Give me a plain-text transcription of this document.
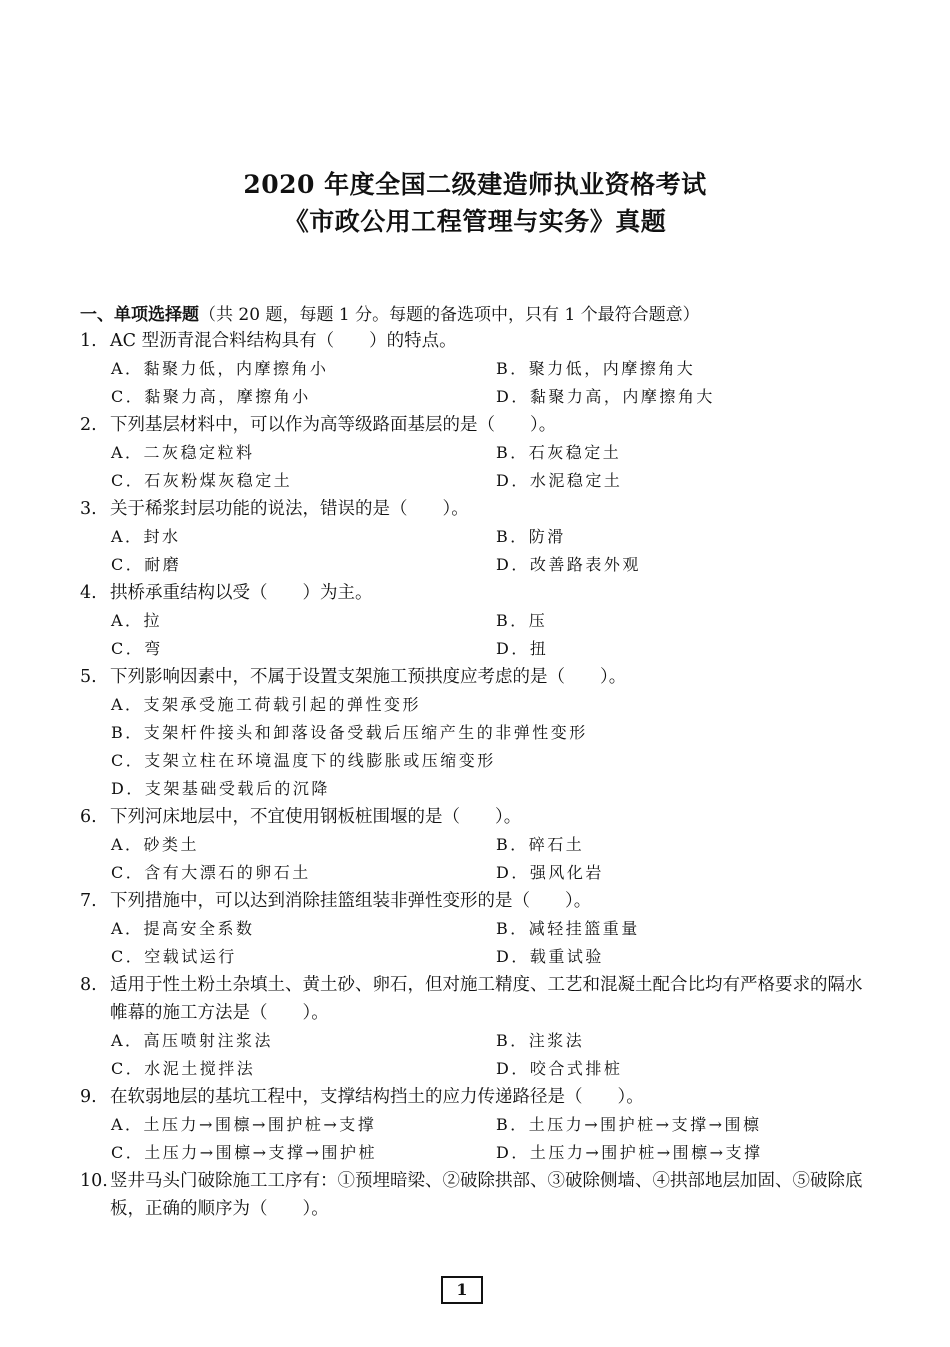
2020 年度全国二级建造师执业资格考试
《市政公用工程管理与实务》真题
一、单项选择题（共 20 题，每题 1 分。每题的备选项中，只有 1 个最符合题意）
1. AC 型沥青混合料结构具有（　　）的特点。
A．黏聚力低，内摩擦角小	B．聚力低，内摩擦角大
C．黏聚力高，摩擦角小	D．黏聚力高，内摩擦角大
2. 下列基层材料中，可以作为高等级路面基层的是（　　）。
A．二灰稳定粒料	B．石灰稳定土
C．石灰粉煤灰稳定土	D．水泥稳定土
3. 关于稀浆封层功能的说法，错误的是（　　）。
A．封水	B．防滑
C．耐磨	D．改善路表外观
4. 拱桥承重结构以受（　　）为主。
A．拉	B．压
C．弯	D．扭
5. 下列影响因素中，不属于设置支架施工预拱度应考虑的是（　　）。
A．支架承受施工荷载引起的弹性变形
B．支架杆件接头和卸落设备受载后压缩产生的非弹性变形
C．支架立柱在环境温度下的线膨胀或压缩变形
D．支架基础受载后的沉降
6. 下列河床地层中，不宜使用钢板桩围堰的是（　　）。
A．砂类土	B．碎石土
C．含有大漂石的卵石土	D．强风化岩
7. 下列措施中，可以达到消除挂篮组装非弹性变形的是（　　）。
A．提高安全系数	B．减轻挂篮重量
C．空载试运行	D．载重试验
8. 适用于性土粉土杂填土、黄土砂、卵石，但对施工精度、工艺和混凝土配合比均有严格要求的隔水帷幕的施工方法是（　　）。
A．高压喷射注浆法	B．注浆法
C．水泥土搅拌法	D．咬合式排桩
9. 在软弱地层的基坑工程中，支撑结构挡土的应力传递路径是（　　）。
A．土压力→围檩→围护桩→支撑	B．土压力→围护桩→支撑→围檩
C．土压力→围檩→支撑→围护桩	D．土压力→围护桩→围檩→支撑
10. 竖井马头门破除施工工序有：①预埋暗梁、②破除拱部、③破除侧墙、④拱部地层加固、⑤破除底板，正确的顺序为（　　）。
1
